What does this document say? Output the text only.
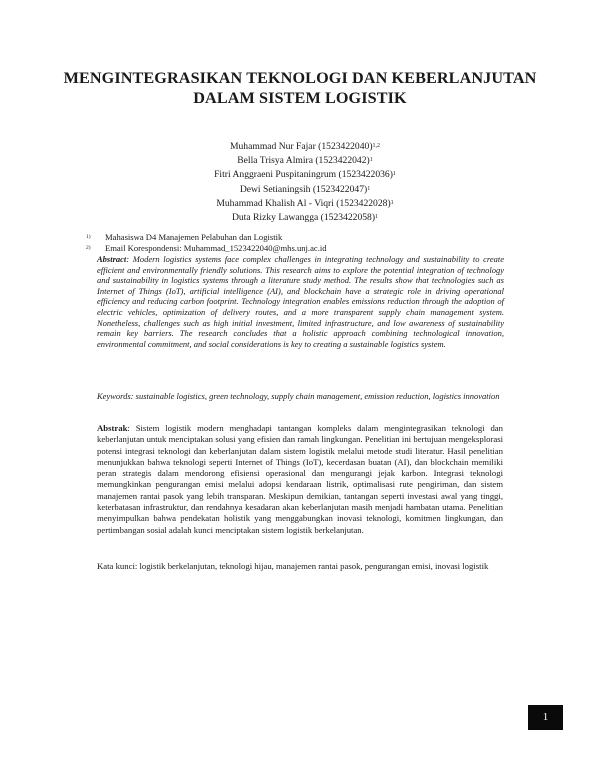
MENGINTEGRASIKAN TEKNOLOGI DAN KEBERLANJUTAN
DALAM SISTEM LOGISTIK
Muhammad Nur Fajar $(1523422040)^{1,2}$
Bella Trisya Almira $(1523422042)^1$
Fitri Anggraeni Puspitaningrum $(1523422036)^1$
Dewi Setianingsih $(1523422047)^1$
Muhammad Khalish Al - Viqri $(1523422028)^1$
Duta Rizky Lawangga $(1523422058)^1$
1)	Mahasiswa D4 Manajemen Pelabuhan dan Logistik
2)	Email Korespondensi: Muhammad_1523422040@mhs.unj.ac.id
Abstract: Modern logistics systems face complex challenges in integrating technology and sustainability to create efficient and environmentally friendly solutions. This research aims to explore the potential integration of technology and sustainability in logistics systems through a literature study method. The results show that technologies such as Internet of Things (IoT), artificial intelligence (AI), and blockchain have a strategic role in driving operational efficiency and reducing carbon footprint. Technology integration enables emissions reduction through the adoption of electric vehicles, optimization of delivery routes, and a more transparent supply chain management system. Nonetheless, challenges such as high initial investment, limited infrastructure, and low awareness of sustainability remain key barriers. The research concludes that a holistic approach combining technological innovation, environmental commitment, and social considerations is key to creating a sustainable logistics system.
Keywords: sustainable logistics, green technology, supply chain management, emission reduction, logistics innovation
Abstrak: Sistem logistik modern menghadapi tantangan kompleks dalam mengintegrasikan teknologi dan keberlanjutan untuk menciptakan solusi yang efisien dan ramah lingkungan. Penelitian ini bertujuan mengeksplorasi potensi integrasi teknologi dan keberlanjutan dalam sistem logistik melalui metode studi literatur. Hasil penelitian menunjukkan bahwa teknologi seperti Internet of Things (IoT), kecerdasan buatan (AI), dan blockchain memiliki peran strategis dalam mendorong efisiensi operasional dan mengurangi jejak karbon. Integrasi teknologi memungkinkan pengurangan emisi melalui adopsi kendaraan listrik, optimalisasi rute pengiriman, dan sistem manajemen rantai pasok yang lebih transparan. Meskipun demikian, tantangan seperti investasi awal yang tinggi, keterbatasan infrastruktur, dan rendahnya kesadaran akan keberlanjutan masih menjadi hambatan utama. Penelitian menyimpulkan bahwa pendekatan holistik yang menggabungkan inovasi teknologi, komitmen lingkungan, dan pertimbangan sosial adalah kunci menciptakan sistem logistik berkelanjutan.
Kata kunci: logistik berkelanjutan, teknologi hijau, manajemen rantai pasok, pengurangan emisi, inovasi logistik
1
